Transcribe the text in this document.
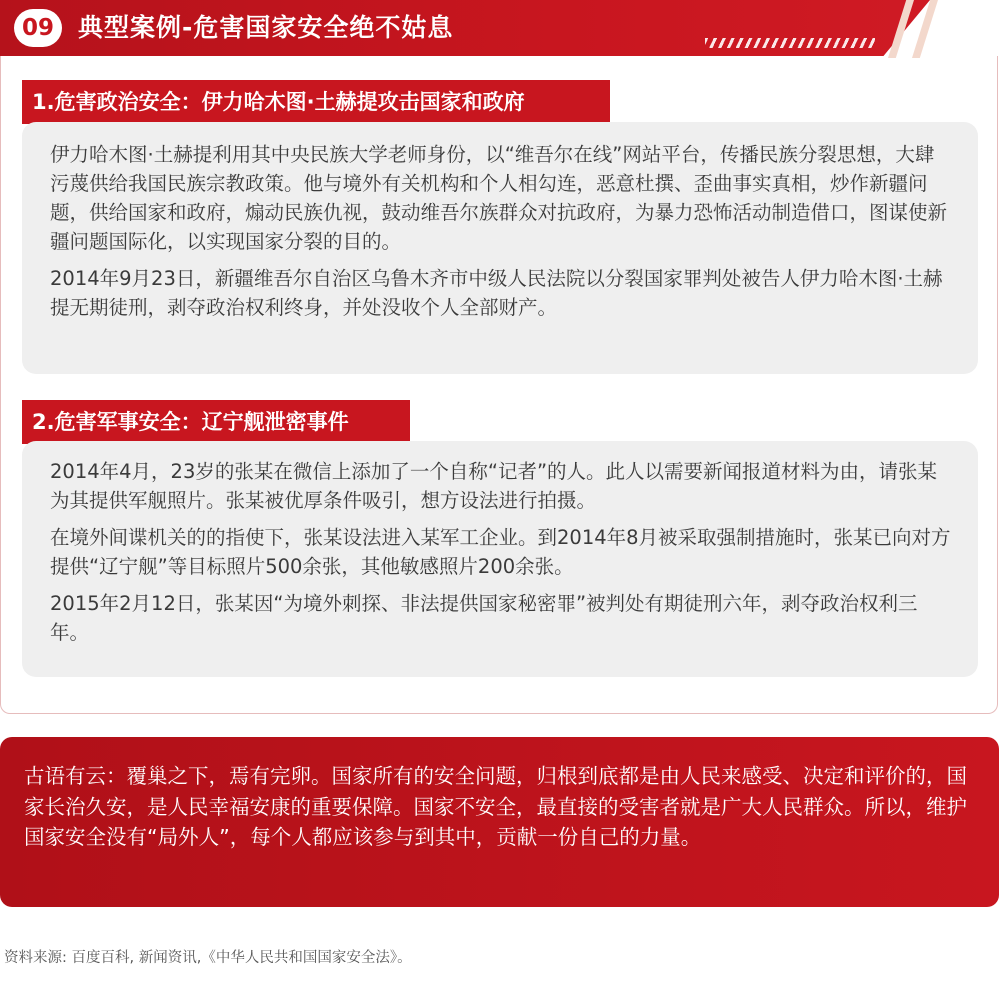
09 典型案例-危害国家安全绝不姑息
1.危害政治安全：伊力哈木图·土赫提攻击国家和政府

伊力哈木图·土赫提利用其中央民族大学老师身份，以“维吾尔在线”网站平台，传播民族分裂思想，大肆污蔑供给我国民族宗教政策。他与境外有关机构和个人相勾连，恶意杜撰、歪曲事实真相，炒作新疆问题，供给国家和政府，煽动民族仇视，鼓动维吾尔族群众对抗政府，为暴力恐怖活动制造借口，图谋使新疆问题国际化，以实现国家分裂的目的。

2014年9月23日，新疆维吾尔自治区乌鲁木齐市中级人民法院以分裂国家罪判处被告人伊力哈木图·土赫提无期徒刑，剥夺政治权利终身，并处没收个人全部财产。

2.危害军事安全：辽宁舰泄密事件

2014年4月，23岁的张某在微信上添加了一个自称“记者”的人。此人以需要新闻报道材料为由，请张某为其提供军舰照片。张某被优厚条件吸引，想方设法进行拍摄。

在境外间谍机关的的指使下，张某设法进入某军工企业。到2014年8月被采取强制措施时，张某已向对方提供“辽宁舰”等目标照片500余张，其他敏感照片200余张。

2015年2月12日，张某因“为境外刺探、非法提供国家秘密罪”被判处有期徒刑六年，剥夺政治权利三年。

古语有云：覆巢之下，焉有完卵。国家所有的安全问题，归根到底都是由人民来感受、决定和评价的，国家长治久安，是人民幸福安康的重要保障。国家不安全，最直接的受害者就是广大人民群众。所以，维护国家安全没有“局外人”，每个人都应该参与到其中，贡献一份自己的力量。

资料来源: 百度百科, 新闻资讯,《中华人民共和国国家安全法》。
